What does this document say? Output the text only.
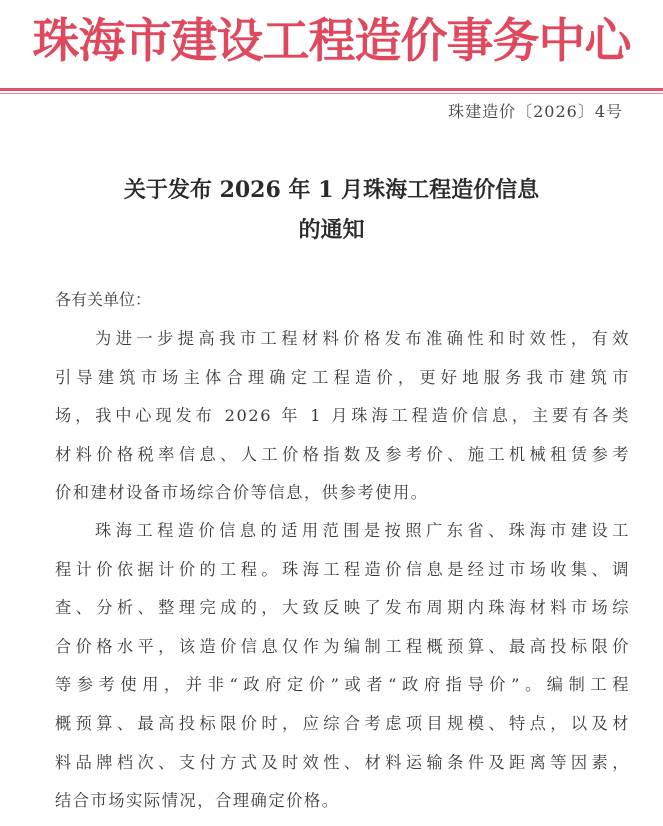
珠海市建设工程造价事务中心
珠建造价〔2026〕4号
关于发布 2026 年 1 月珠海工程造价信息
的通知
各有关单位：
为进一步提高我市工程材料价格发布准确性和时效性，有效
引导建筑市场主体合理确定工程造价，更好地服务我市建筑市
场，我中心现发布 2026 年 1 月珠海工程造价信息，主要有各类
材料价格税率信息、人工价格指数及参考价、施工机械租赁参考
价和建材设备市场综合价等信息，供参考使用。
珠海工程造价信息的适用范围是按照广东省、珠海市建设工
程计价依据计价的工程。珠海工程造价信息是经过市场收集、调
查、分析、整理完成的，大致反映了发布周期内珠海材料市场综
合价格水平，该造价信息仅作为编制工程概预算、最高投标限价
等参考使用，并非“政府定价”或者“政府指导价”。编制工程
概预算、最高投标限价时，应综合考虑项目规模、特点，以及材
料品牌档次、支付方式及时效性、材料运输条件及距离等因素，
结合市场实际情况，合理确定价格。
